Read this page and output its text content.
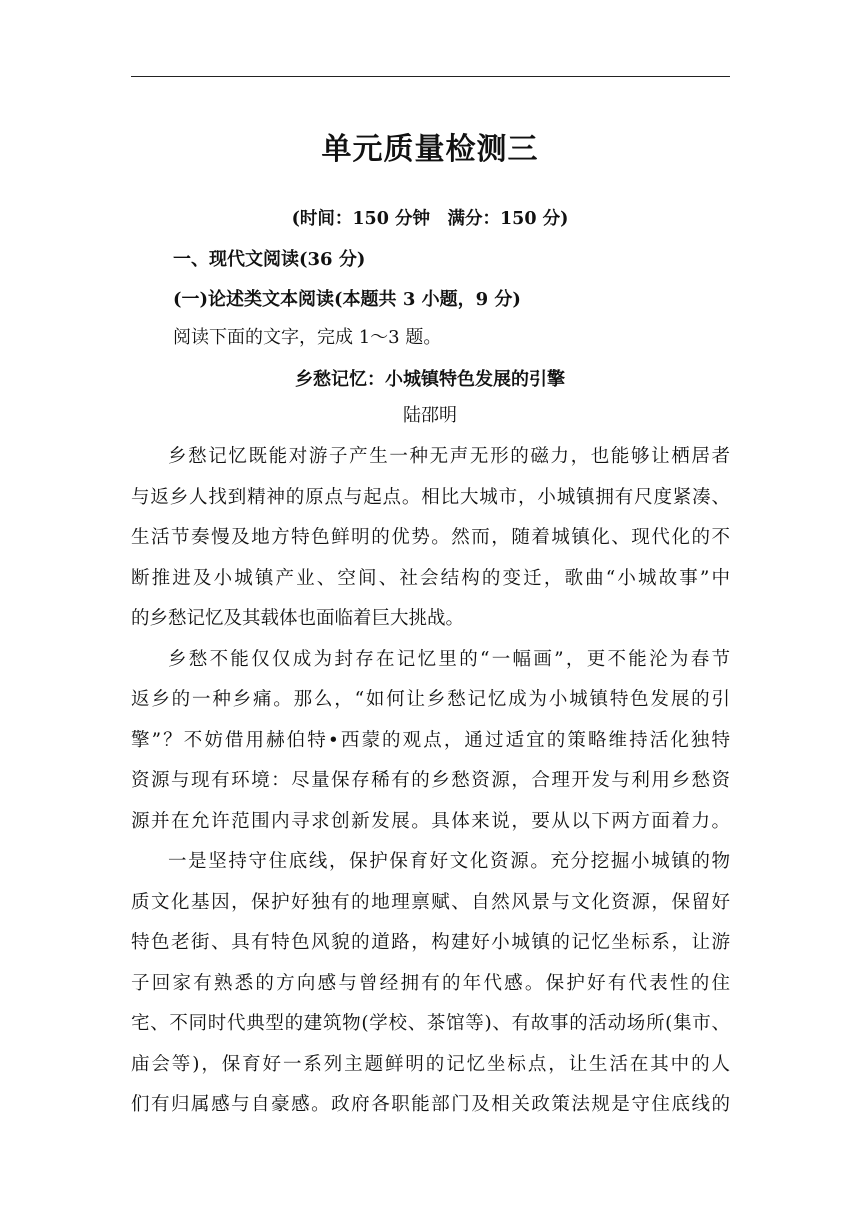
单元质量检测三
(时间：150 分钟　满分：150 分)
一、现代文阅读(36 分)
(一)论述类文本阅读(本题共 3 小题，9 分)
阅读下面的文字，完成 1～3 题。
乡愁记忆：小城镇特色发展的引擎
陆邵明

乡愁记忆既能对游子产生一种无声无形的磁力，也能够让栖居者
与返乡人找到精神的原点与起点。相比大城市，小城镇拥有尺度紧凑、
生活节奏慢及地方特色鲜明的优势。然而，随着城镇化、现代化的不
断推进及小城镇产业、空间、社会结构的变迁，歌曲“小城故事”中
的乡愁记忆及其载体也面临着巨大挑战。

乡愁不能仅仅成为封存在记忆里的“一幅画”，更不能沦为春节
返乡的一种乡痛。那么，“如何让乡愁记忆成为小城镇特色发展的引
擎”？不妨借用赫伯特•西蒙的观点，通过适宜的策略维持活化独特
资源与现有环境：尽量保存稀有的乡愁资源，合理开发与利用乡愁资
源并在允许范围内寻求创新发展。具体来说，要从以下两方面着力。

一是坚持守住底线，保护保育好文化资源。充分挖掘小城镇的物
质文化基因，保护好独有的地理禀赋、自然风景与文化资源，保留好
特色老街、具有特色风貌的道路，构建好小城镇的记忆坐标系，让游
子回家有熟悉的方向感与曾经拥有的年代感。保护好有代表性的住
宅、不同时代典型的建筑物(学校、茶馆等)、有故事的活动场所(集市、
庙会等)，保育好一系列主题鲜明的记忆坐标点，让生活在其中的人
们有归属感与自豪感。政府各职能部门及相关政策法规是守住底线的
